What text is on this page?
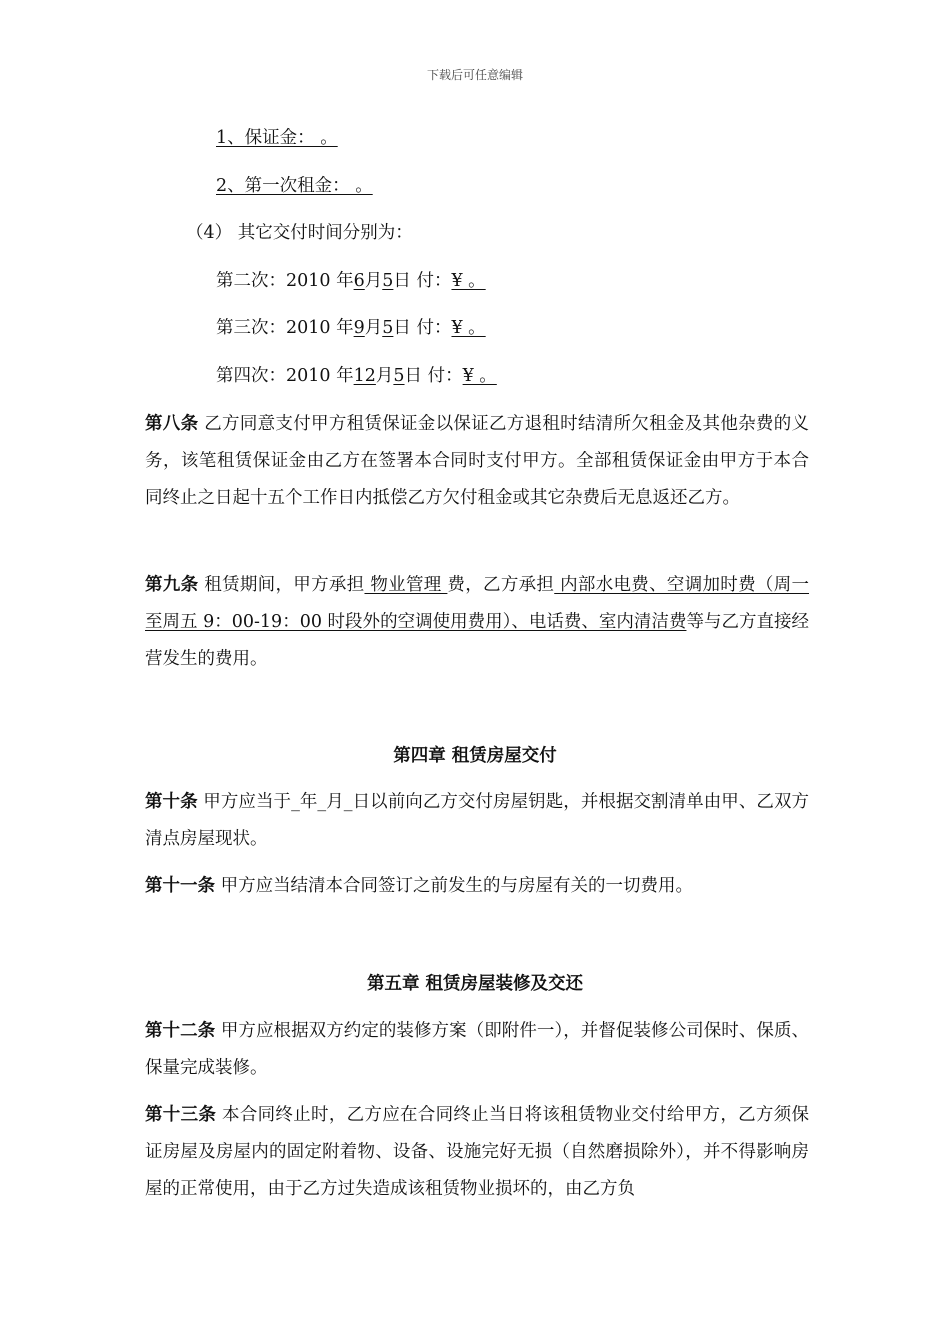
下载后可任意编辑
1、保证金： 。
2、第一次租金： 。
（4） 其它交付时间分别为：
第二次：2010 年6月5日 付：¥ 。
第三次：2010 年9月5日 付：¥ 。
第四次：2010 年12月5日 付：¥ 。
第八条 乙方同意支付甲方租赁保证金以保证乙方退租时结清所欠租金及其他杂费的义务，该笔租赁保证金由乙方在签署本合同时支付甲方。全部租赁保证金由甲方于本合同终止之日起十五个工作日内抵偿乙方欠付租金或其它杂费后无息返还乙方。
第九条 租赁期间，甲方承担 物业管理 费，乙方承担 内部水电费、空调加时费（周一至周五 9：00-19：00 时段外的空调使用费用）、电话费、室内清洁费等与乙方直接经营发生的费用。
第四章 租赁房屋交付
第十条 甲方应当于_年_月_日以前向乙方交付房屋钥匙，并根据交割清单由甲、乙双方清点房屋现状。
第十一条 甲方应当结清本合同签订之前发生的与房屋有关的一切费用。
第五章 租赁房屋装修及交还
第十二条 甲方应根据双方约定的装修方案（即附件一），并督促装修公司保时、保质、保量完成装修。
第十三条 本合同终止时，乙方应在合同终止当日将该租赁物业交付给甲方，乙方须保证房屋及房屋内的固定附着物、设备、设施完好无损（自然磨损除外），并不得影响房屋的正常使用，由于乙方过失造成该租赁物业损坏的，由乙方负
